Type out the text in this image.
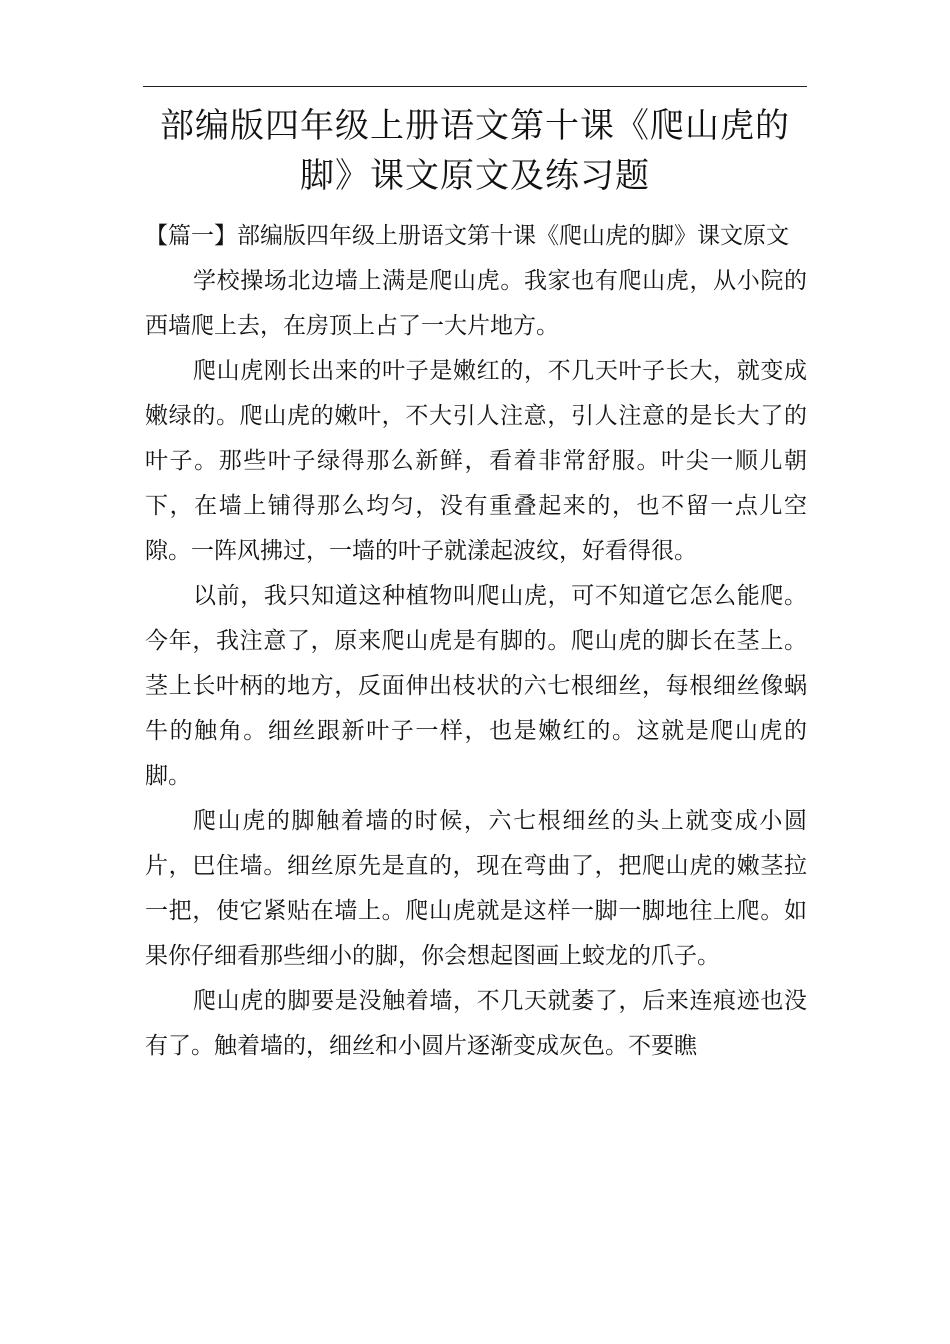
部编版四年级上册语文第十课《爬山虎的脚》课文原文及练习题

【篇一】部编版四年级上册语文第十课《爬山虎的脚》课文原文

学校操场北边墙上满是爬山虎。我家也有爬山虎，从小院的西墙爬上去，在房顶上占了一大片地方。

爬山虎刚长出来的叶子是嫩红的，不几天叶子长大，就变成嫩绿的。爬山虎的嫩叶，不大引人注意，引人注意的是长大了的叶子。那些叶子绿得那么新鲜，看着非常舒服。叶尖一顺儿朝下，在墙上铺得那么均匀，没有重叠起来的，也不留一点儿空隙。一阵风拂过，一墙的叶子就漾起波纹，好看得很。

以前，我只知道这种植物叫爬山虎，可不知道它怎么能爬。今年，我注意了，原来爬山虎是有脚的。爬山虎的脚长在茎上。茎上长叶柄的地方，反面伸出枝状的六七根细丝，每根细丝像蜗牛的触角。细丝跟新叶子一样，也是嫩红的。这就是爬山虎的脚。

爬山虎的脚触着墙的时候，六七根细丝的头上就变成小圆片，巴住墙。细丝原先是直的，现在弯曲了，把爬山虎的嫩茎拉一把，使它紧贴在墙上。爬山虎就是这样一脚一脚地往上爬。如果你仔细看那些细小的脚，你会想起图画上蛟龙的爪子。

爬山虎的脚要是没触着墙，不几天就萎了，后来连痕迹也没有了。触着墙的，细丝和小圆片逐渐变成灰色。不要瞧
